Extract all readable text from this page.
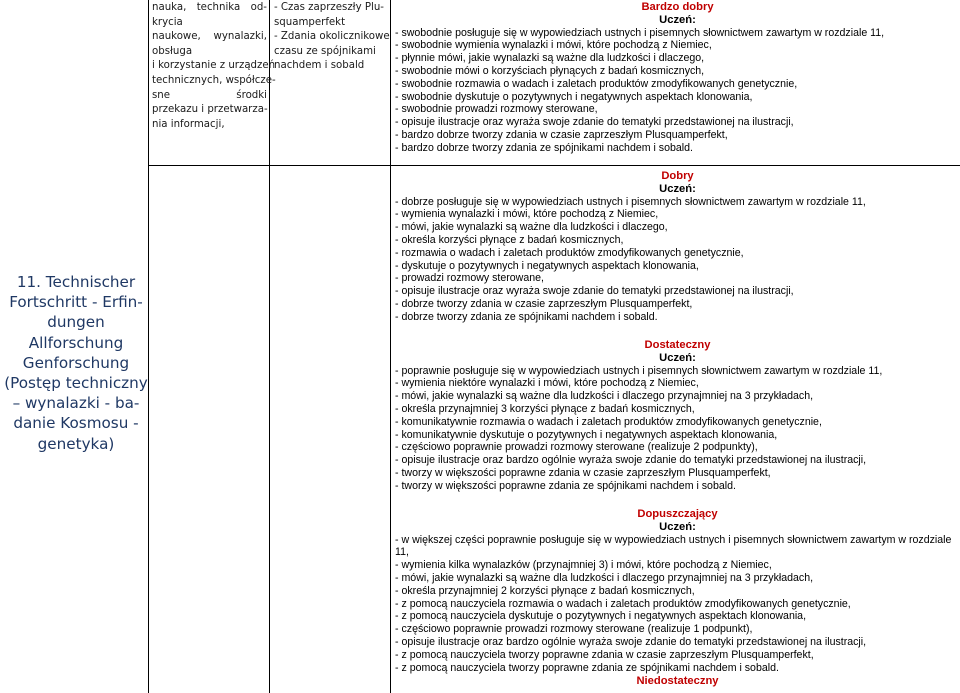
11. Technischer
Fortschritt - Erfin-
dungen
Allforschung
Genforschung
(Postęp techniczny
– wynalazki - ba-
danie Kosmosu -
genetyka)
nauka, technika od-
krycia
naukowe, wynalazki,
obsługa
i korzystanie z urządzeń
technicznych, współcze-
sne	środki
przekazu i przetwarza-
nia informacji,
- Czas zaprzeszły Plu-
squamperfekt
- Zdania okolicznikowe
czasu ze spójnikami
nachdem i sobald
Bardzo dobry
Uczeń:
- swobodnie posługuje się w wypowiedziach ustnych i pisemnych słownictwem zawartym w rozdziale 11,
- swobodnie wymienia wynalazki i mówi, które pochodzą z Niemiec,
- płynnie mówi, jakie wynalazki są ważne dla ludzkości i dlaczego,
- swobodnie mówi o korzyściach płynących z badań kosmicznych,
- swobodnie rozmawia o wadach i zaletach produktów zmodyfikowanych genetycznie,
- swobodnie dyskutuje o pozytywnych i negatywnych aspektach klonowania,
- swobodnie prowadzi rozmowy sterowane,
- opisuje ilustracje oraz wyraża swoje zdanie do tematyki przedstawionej na ilustracji,
- bardzo dobrze tworzy zdania w czasie zaprzeszłym Plusquamperfekt,
- bardzo dobrze tworzy zdania ze spójnikami nachdem i sobald.
Dobry
Uczeń:
- dobrze posługuje się w wypowiedziach ustnych i pisemnych słownictwem zawartym w rozdziale 11,
- wymienia wynalazki i mówi, które pochodzą z Niemiec,
- mówi, jakie wynalazki są ważne dla ludzkości i dlaczego,
- określa korzyści płynące z badań kosmicznych,
- rozmawia o wadach i zaletach produktów zmodyfikowanych genetycznie,
- dyskutuje o pozytywnych i negatywnych aspektach klonowania,
- prowadzi rozmowy sterowane,
- opisuje ilustracje oraz wyraża swoje zdanie do tematyki przedstawionej na ilustracji,
- dobrze tworzy zdania w czasie zaprzeszłym Plusquamperfekt,
- dobrze tworzy zdania ze spójnikami nachdem i sobald.
Dostateczny
Uczeń:
- poprawnie posługuje się w wypowiedziach ustnych i pisemnych słownictwem zawartym w rozdziale 11,
- wymienia niektóre wynalazki i mówi, które pochodzą z Niemiec,
- mówi, jakie wynalazki są ważne dla ludzkości i dlaczego przynajmniej na 3 przykładach,
- określa przynajmniej 3 korzyści płynące z badań kosmicznych,
- komunikatywnie rozmawia o wadach i zaletach produktów zmodyfikowanych genetycznie,
- komunikatywnie dyskutuje o pozytywnych i negatywnych aspektach klonowania,
- częściowo poprawnie prowadzi rozmowy sterowane (realizuje 2 podpunkty),
- opisuje ilustracje oraz bardzo ogólnie wyraża swoje zdanie do tematyki przedstawionej na ilustracji,
- tworzy w większości poprawne zdania w czasie zaprzeszłym Plusquamperfekt,
- tworzy w większości poprawne zdania ze spójnikami nachdem i sobald.
Dopuszczający
Uczeń:
- w większej części poprawnie posługuje się w wypowiedziach ustnych i pisemnych słownictwem zawartym w rozdziale 11,
- wymienia kilka wynalazków (przynajmniej 3) i mówi, które pochodzą z Niemiec,
- mówi, jakie wynalazki są ważne dla ludzkości i dlaczego przynajmniej na 3 przykładach,
- określa przynajmniej 2 korzyści płynące z badań kosmicznych,
- z pomocą nauczyciela rozmawia o wadach i zaletach produktów zmodyfikowanych genetycznie,
- z pomocą nauczyciela dyskutuje o pozytywnych i negatywnych aspektach klonowania,
- częściowo poprawnie prowadzi rozmowy sterowane (realizuje 1 podpunkt),
- opisuje ilustracje oraz bardzo ogólnie wyraża swoje zdanie do tematyki przedstawionej na ilustracji,
- z pomocą nauczyciela tworzy poprawne zdania w czasie zaprzeszłym Plusquamperfekt,
- z pomocą nauczyciela tworzy poprawne zdania ze spójnikami nachdem i sobald.
Niedostateczny
